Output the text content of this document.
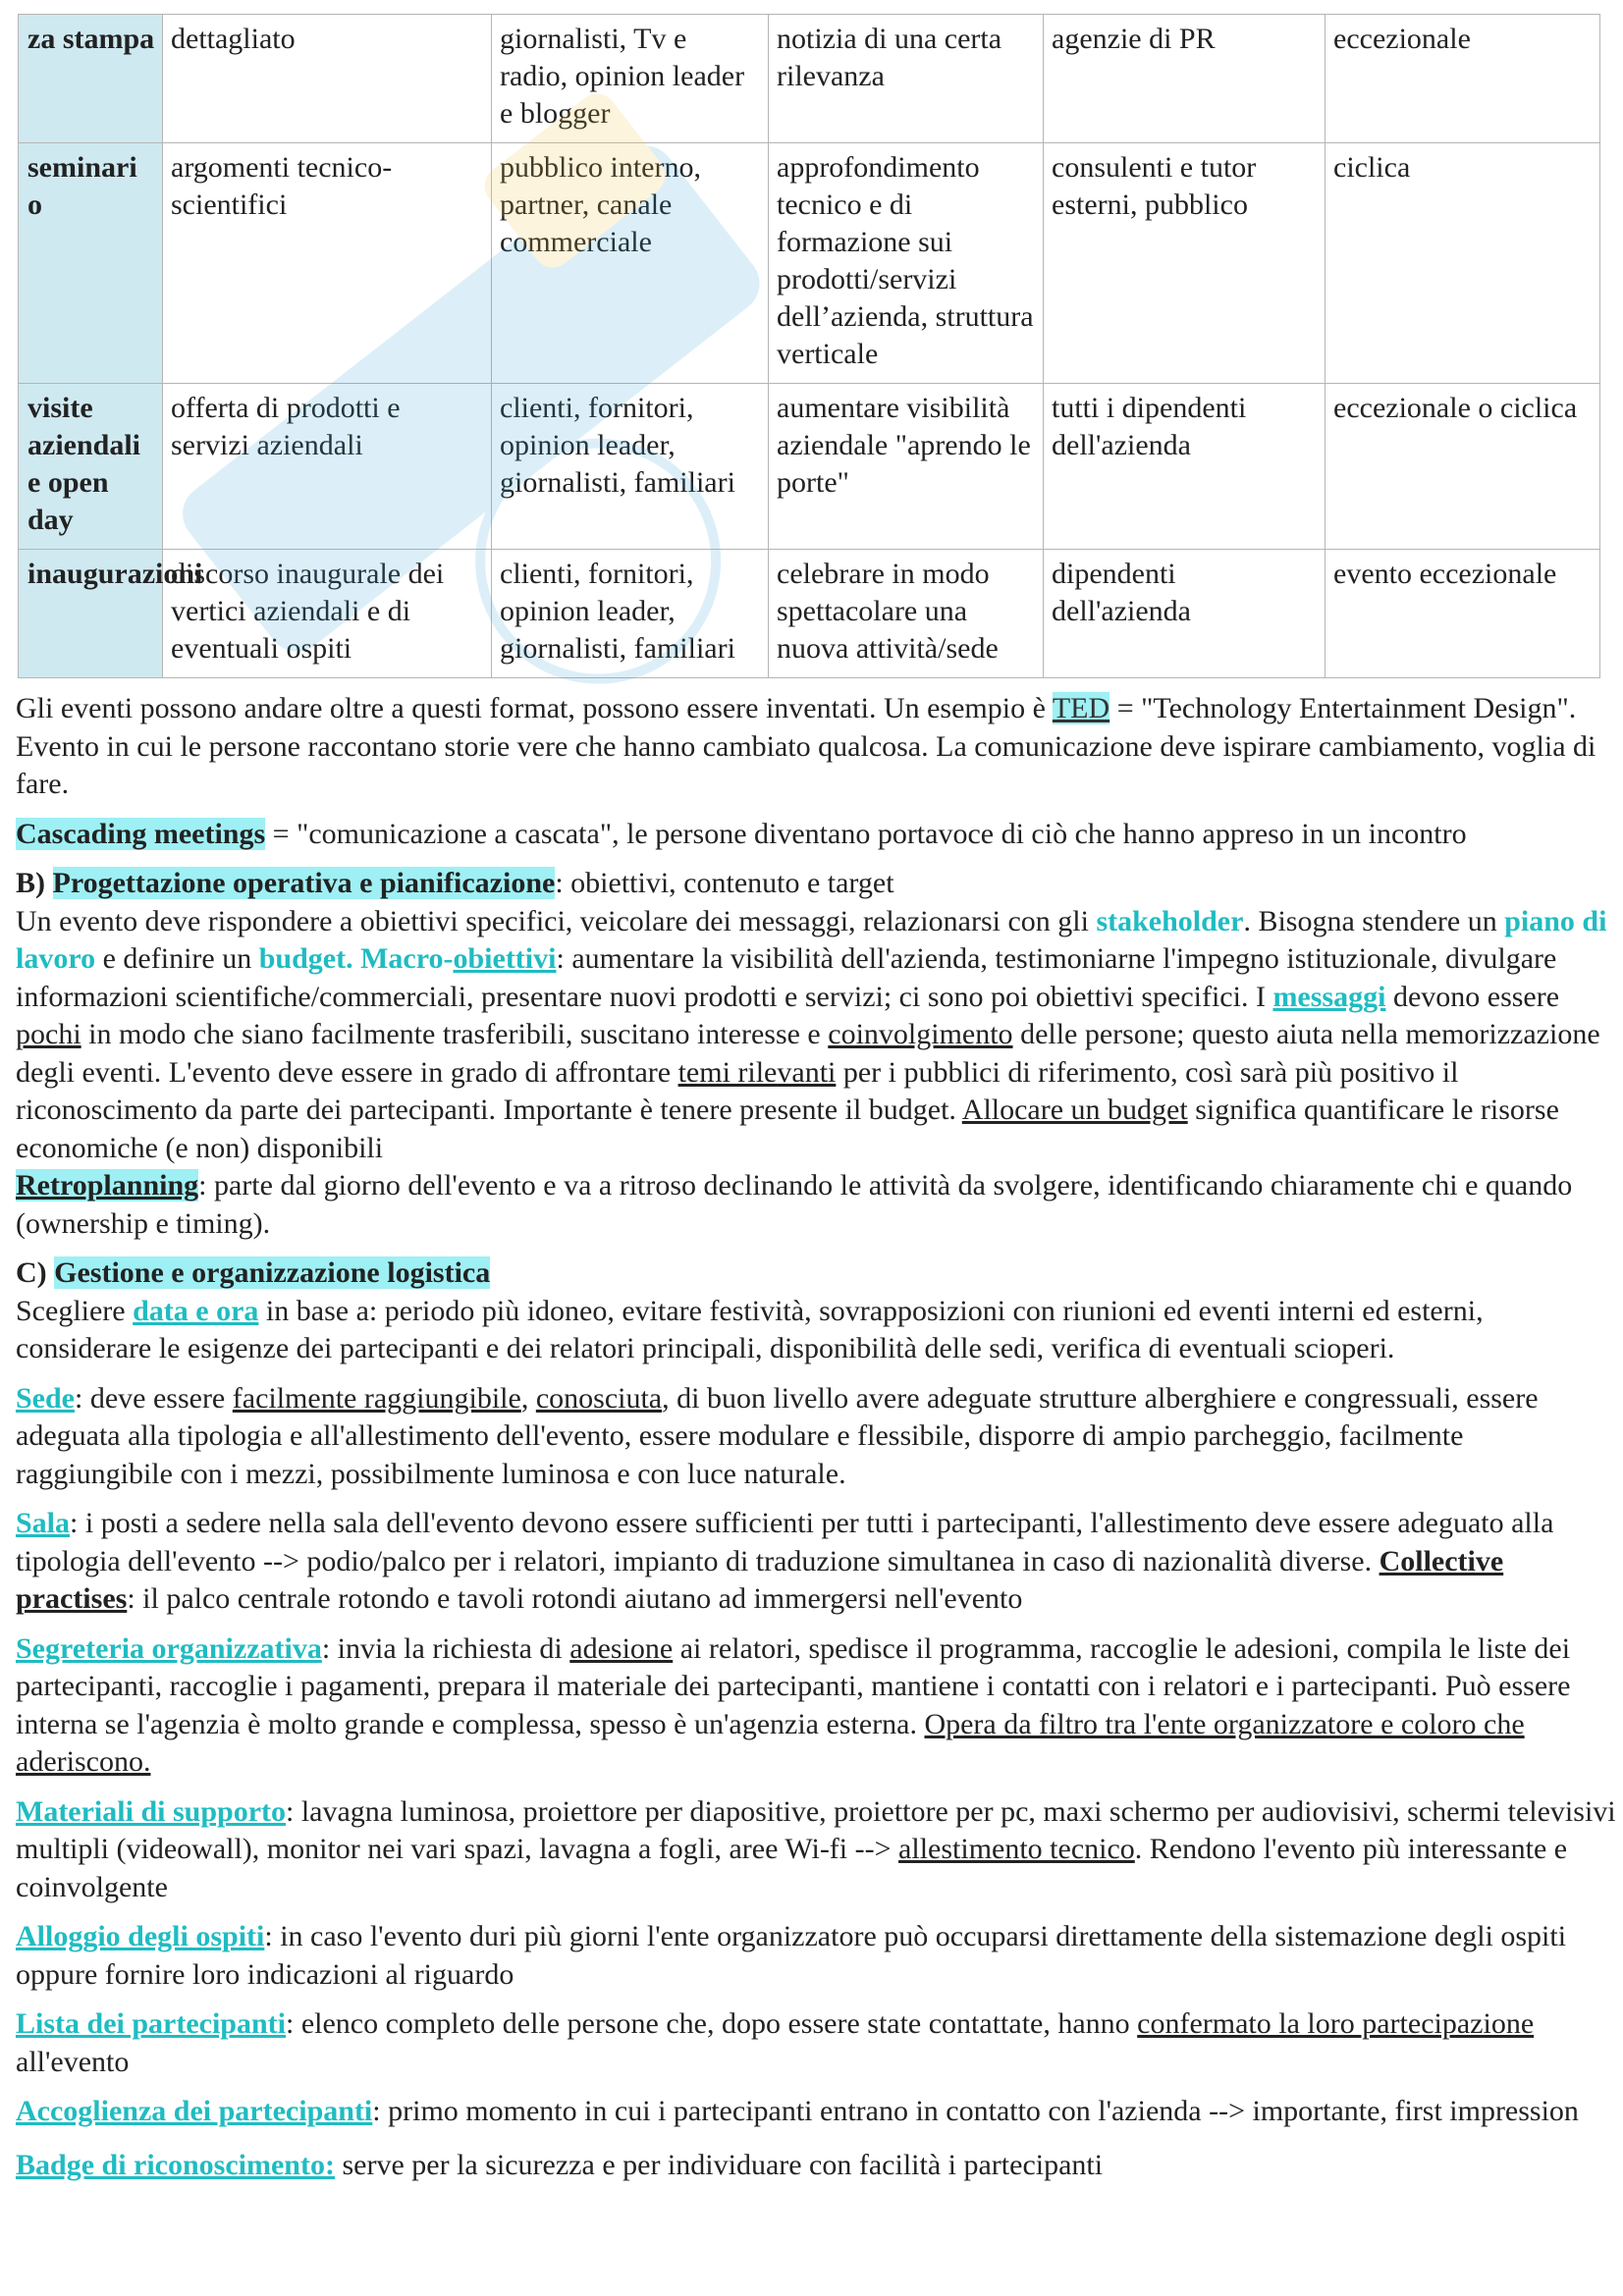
za stampa	dettagliato	giornalisti, Tv e radio, opinion leader e blogger	notizia di una certa rilevanza	agenzie di PR	eccezionale
seminari o	argomenti tecnico-scientifici	pubblico interno, partner, canale commerciale	approfondimento tecnico e di formazione sui prodotti/servizi dell’azienda, struttura verticale	consulenti e tutor esterni, pubblico	ciclica
visite aziendali e open day	offerta di prodotti e servizi aziendali	clienti, fornitori, opinion leader, giornalisti, familiari	aumentare visibilità aziendale "aprendo le porte"	tutti i dipendenti dell'azienda	eccezionale o ciclica
inaugurazioni	discorso inaugurale dei vertici aziendali e di eventuali ospiti	clienti, fornitori, opinion leader, giornalisti, familiari	celebrare in modo spettacolare una nuova attività/sede	dipendenti dell'azienda	evento eccezionale

Gli eventi possono andare oltre a questi format, possono essere inventati. Un esempio è TED = "Technology Entertainment Design". Evento in cui le persone raccontano storie vere che hanno cambiato qualcosa. La comunicazione deve ispirare cambiamento, voglia di fare.

Cascading meetings = "comunicazione a cascata", le persone diventano portavoce di ciò che hanno appreso in un incontro

B) Progettazione operativa e pianificazione: obiettivi, contenuto e target

Un evento deve rispondere a obiettivi specifici, veicolare dei messaggi, relazionarsi con gli stakeholder. Bisogna stendere un piano di lavoro e definire un budget. Macro-obiettivi: aumentare la visibilità dell'azienda, testimoniarne l'impegno istituzionale, divulgare informazioni scientifiche/commerciali, presentare nuovi prodotti e servizi; ci sono poi obiettivi specifici. I messaggi devono essere pochi in modo che siano facilmente trasferibili, suscitano interesse e coinvolgimento delle persone; questo aiuta nella memorizzazione degli eventi. L'evento deve essere in grado di affrontare temi rilevanti per i pubblici di riferimento, così sarà più positivo il riconoscimento da parte dei partecipanti. Importante è tenere presente il budget. Allocare un budget significa quantificare le risorse economiche (e non) disponibili
Retroplanning: parte dal giorno dell'evento e va a ritroso declinando le attività da svolgere, identificando chiaramente chi e quando (ownership e timing).

C) Gestione e organizzazione logistica

Scegliere data e ora in base a: periodo più idoneo, evitare festività, sovrapposizioni con riunioni ed eventi interni ed esterni, considerare le esigenze dei partecipanti e dei relatori principali, disponibilità delle sedi, verifica di eventuali scioperi.

Sede: deve essere facilmente raggiungibile, conosciuta, di buon livello avere adeguate strutture alberghiere e congressuali, essere adeguata alla tipologia e all'allestimento dell'evento, essere modulare e flessibile, disporre di ampio parcheggio, facilmente raggiungibile con i mezzi, possibilmente luminosa e con luce naturale.

Sala: i posti a sedere nella sala dell'evento devono essere sufficienti per tutti i partecipanti, l'allestimento deve essere adeguato alla tipologia dell'evento --> podio/palco per i relatori, impianto di traduzione simultanea in caso di nazionalità diverse. Collective practises: il palco centrale rotondo e tavoli rotondi aiutano ad immergersi nell'evento

Segreteria organizzativa: invia la richiesta di adesione ai relatori, spedisce il programma, raccoglie le adesioni, compila le liste dei partecipanti, raccoglie i pagamenti, prepara il materiale dei partecipanti, mantiene i contatti con i relatori e i partecipanti. Può essere interna se l'agenzia è molto grande e complessa, spesso è un'agenzia esterna. Opera da filtro tra l'ente organizzatore e coloro che aderiscono.

Materiali di supporto: lavagna luminosa, proiettore per diapositive, proiettore per pc, maxi schermo per audiovisivi, schermi televisivi multipli (videowall), monitor nei vari spazi, lavagna a fogli, aree Wi-fi --> allestimento tecnico. Rendono l'evento più interessante e coinvolgente

Alloggio degli ospiti: in caso l'evento duri più giorni l'ente organizzatore può occuparsi direttamente della sistemazione degli ospiti oppure fornire loro indicazioni al riguardo

Lista dei partecipanti: elenco completo delle persone che, dopo essere state contattate, hanno confermato la loro partecipazione all'evento

Accoglienza dei partecipanti: primo momento in cui i partecipanti entrano in contatto con l'azienda --> importante, first impression

Badge di riconoscimento: serve per la sicurezza e per individuare con facilità i partecipanti
